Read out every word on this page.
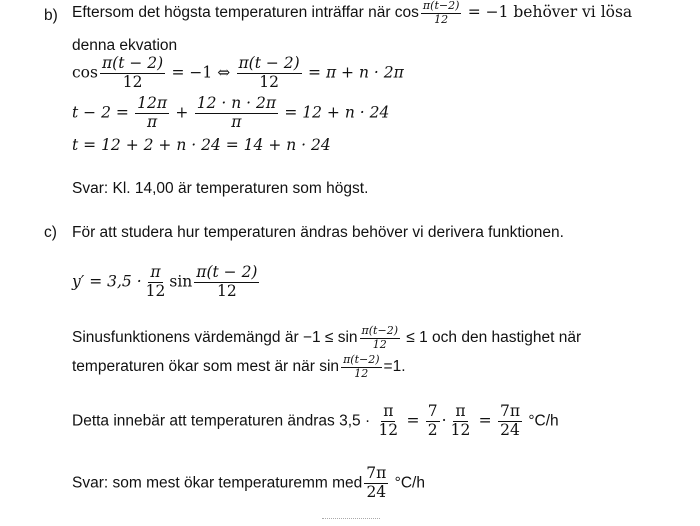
b) Eftersom det högsta temperaturen inträffar när $\cos \frac{\pi(t-2)}{12} = -1$ behöver vi lösa
denna ekvation
$\cos \frac{\pi(t - 2)}{12} = -1$ ⇔ $\frac{\pi(t - 2)}{12} = \pi + n \cdot 2\pi$
$t - 2 = \frac{12\pi}{\pi} + \frac{12 \cdot n \cdot 2\pi}{\pi} = 12 + n \cdot 24$
t = 12 + 2 + n · 24 = 14 + n · 24
Svar: Kl. 14,00 är temperaturen som högst.
c) För att studera hur temperaturen ändras behöver vi derivera funktionen.
$y' = 3,5 \cdot \frac{\pi}{12}$ $\sin \frac{\pi(t - 2)}{12}$
Sinusfunktionens värdemängd är $-1 \le \sin \frac{\pi(t-2)}{12} \le 1$ och den hastighet när
temperaturen ökar som mest är när $\sin \frac{\pi(t-2)}{12} =1$.
Detta innebär att temperaturen ändras $3,5 \cdot \frac{\pi}{12} = \frac{7}{2} \cdot \frac{\pi}{12} = \frac{7\pi}{24} ^\circ C/h$
Svar: som mest ökar temperaturemm med $\frac{7\pi}{24} ^\circ C/h$
